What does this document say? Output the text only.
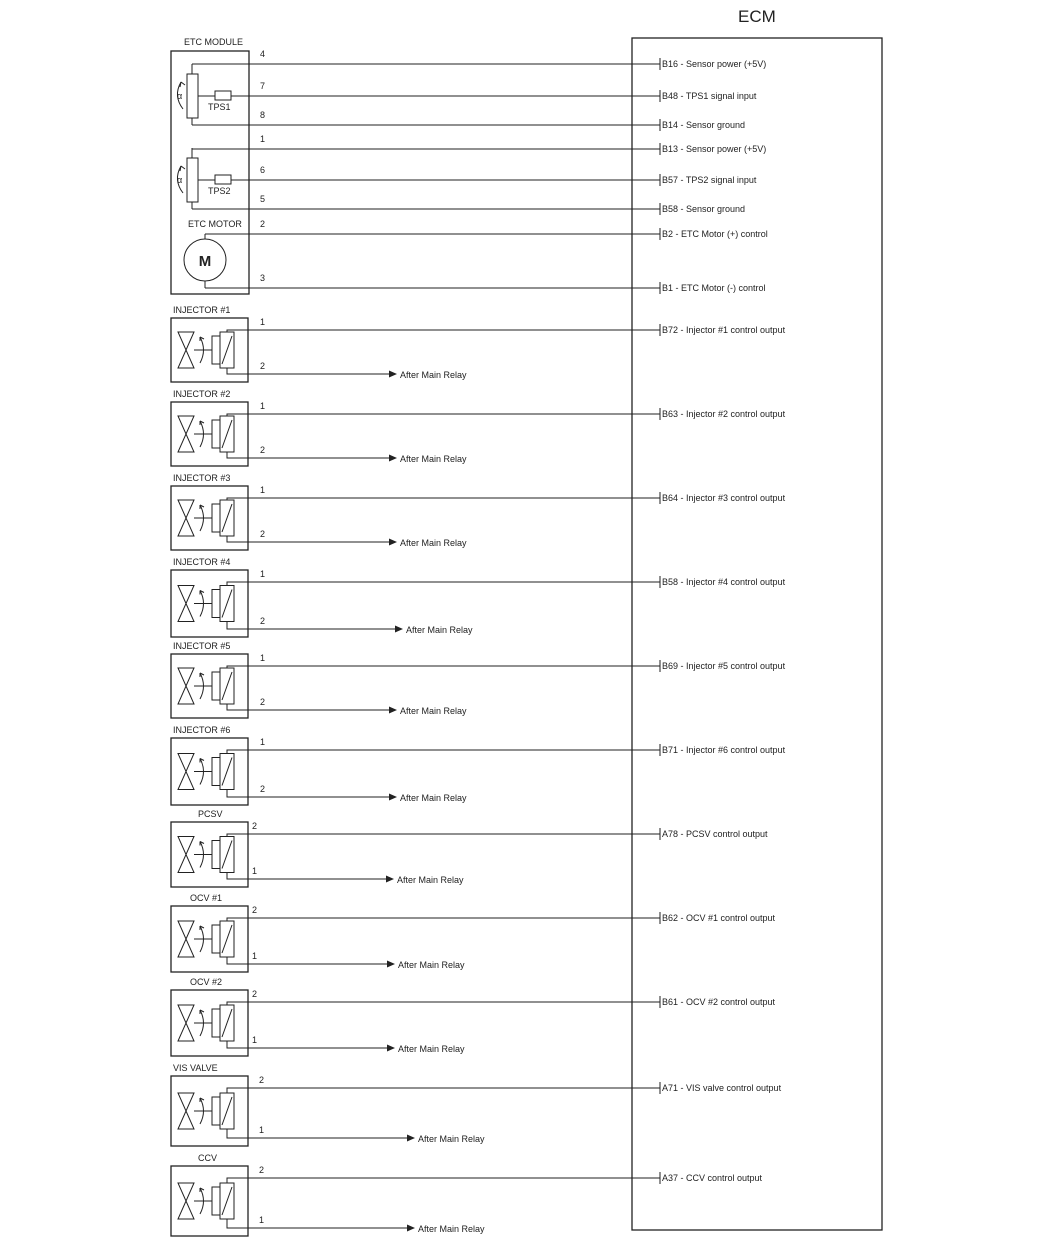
ECM
ETC MODULE
α
TPS1
α
TPS2
ETC MOTOR
M
4
B16 - Sensor power (+5V)
7
B48 - TPS1 signal input
8
B14 - Sensor ground
1
B13 - Sensor power (+5V)
6
B57 - TPS2 signal input
5
B58 - Sensor ground
2
B2 - ETC Motor (+) control
3
B1 - ETC Motor (-) control
INJECTOR #1
1
2
B72 - Injector #1 control output
After Main Relay
INJECTOR #2
1
2
B63 - Injector #2 control output
After Main Relay
INJECTOR #3
1
2
B64 - Injector #3 control output
After Main Relay
INJECTOR #4
1
2
B58 - Injector #4 control output
After Main Relay
INJECTOR #5
1
2
B69 - Injector #5 control output
After Main Relay
INJECTOR #6
1
2
B71 - Injector #6 control output
After Main Relay
PCSV
2
1
A78 - PCSV control output
After Main Relay
OCV #1
2
1
B62 - OCV #1 control output
After Main Relay
OCV #2
2
1
B61 - OCV #2 control output
After Main Relay
VIS VALVE
2
1
A71 - VIS valve control output
After Main Relay
CCV
2
1
A37 - CCV control output
After Main Relay
